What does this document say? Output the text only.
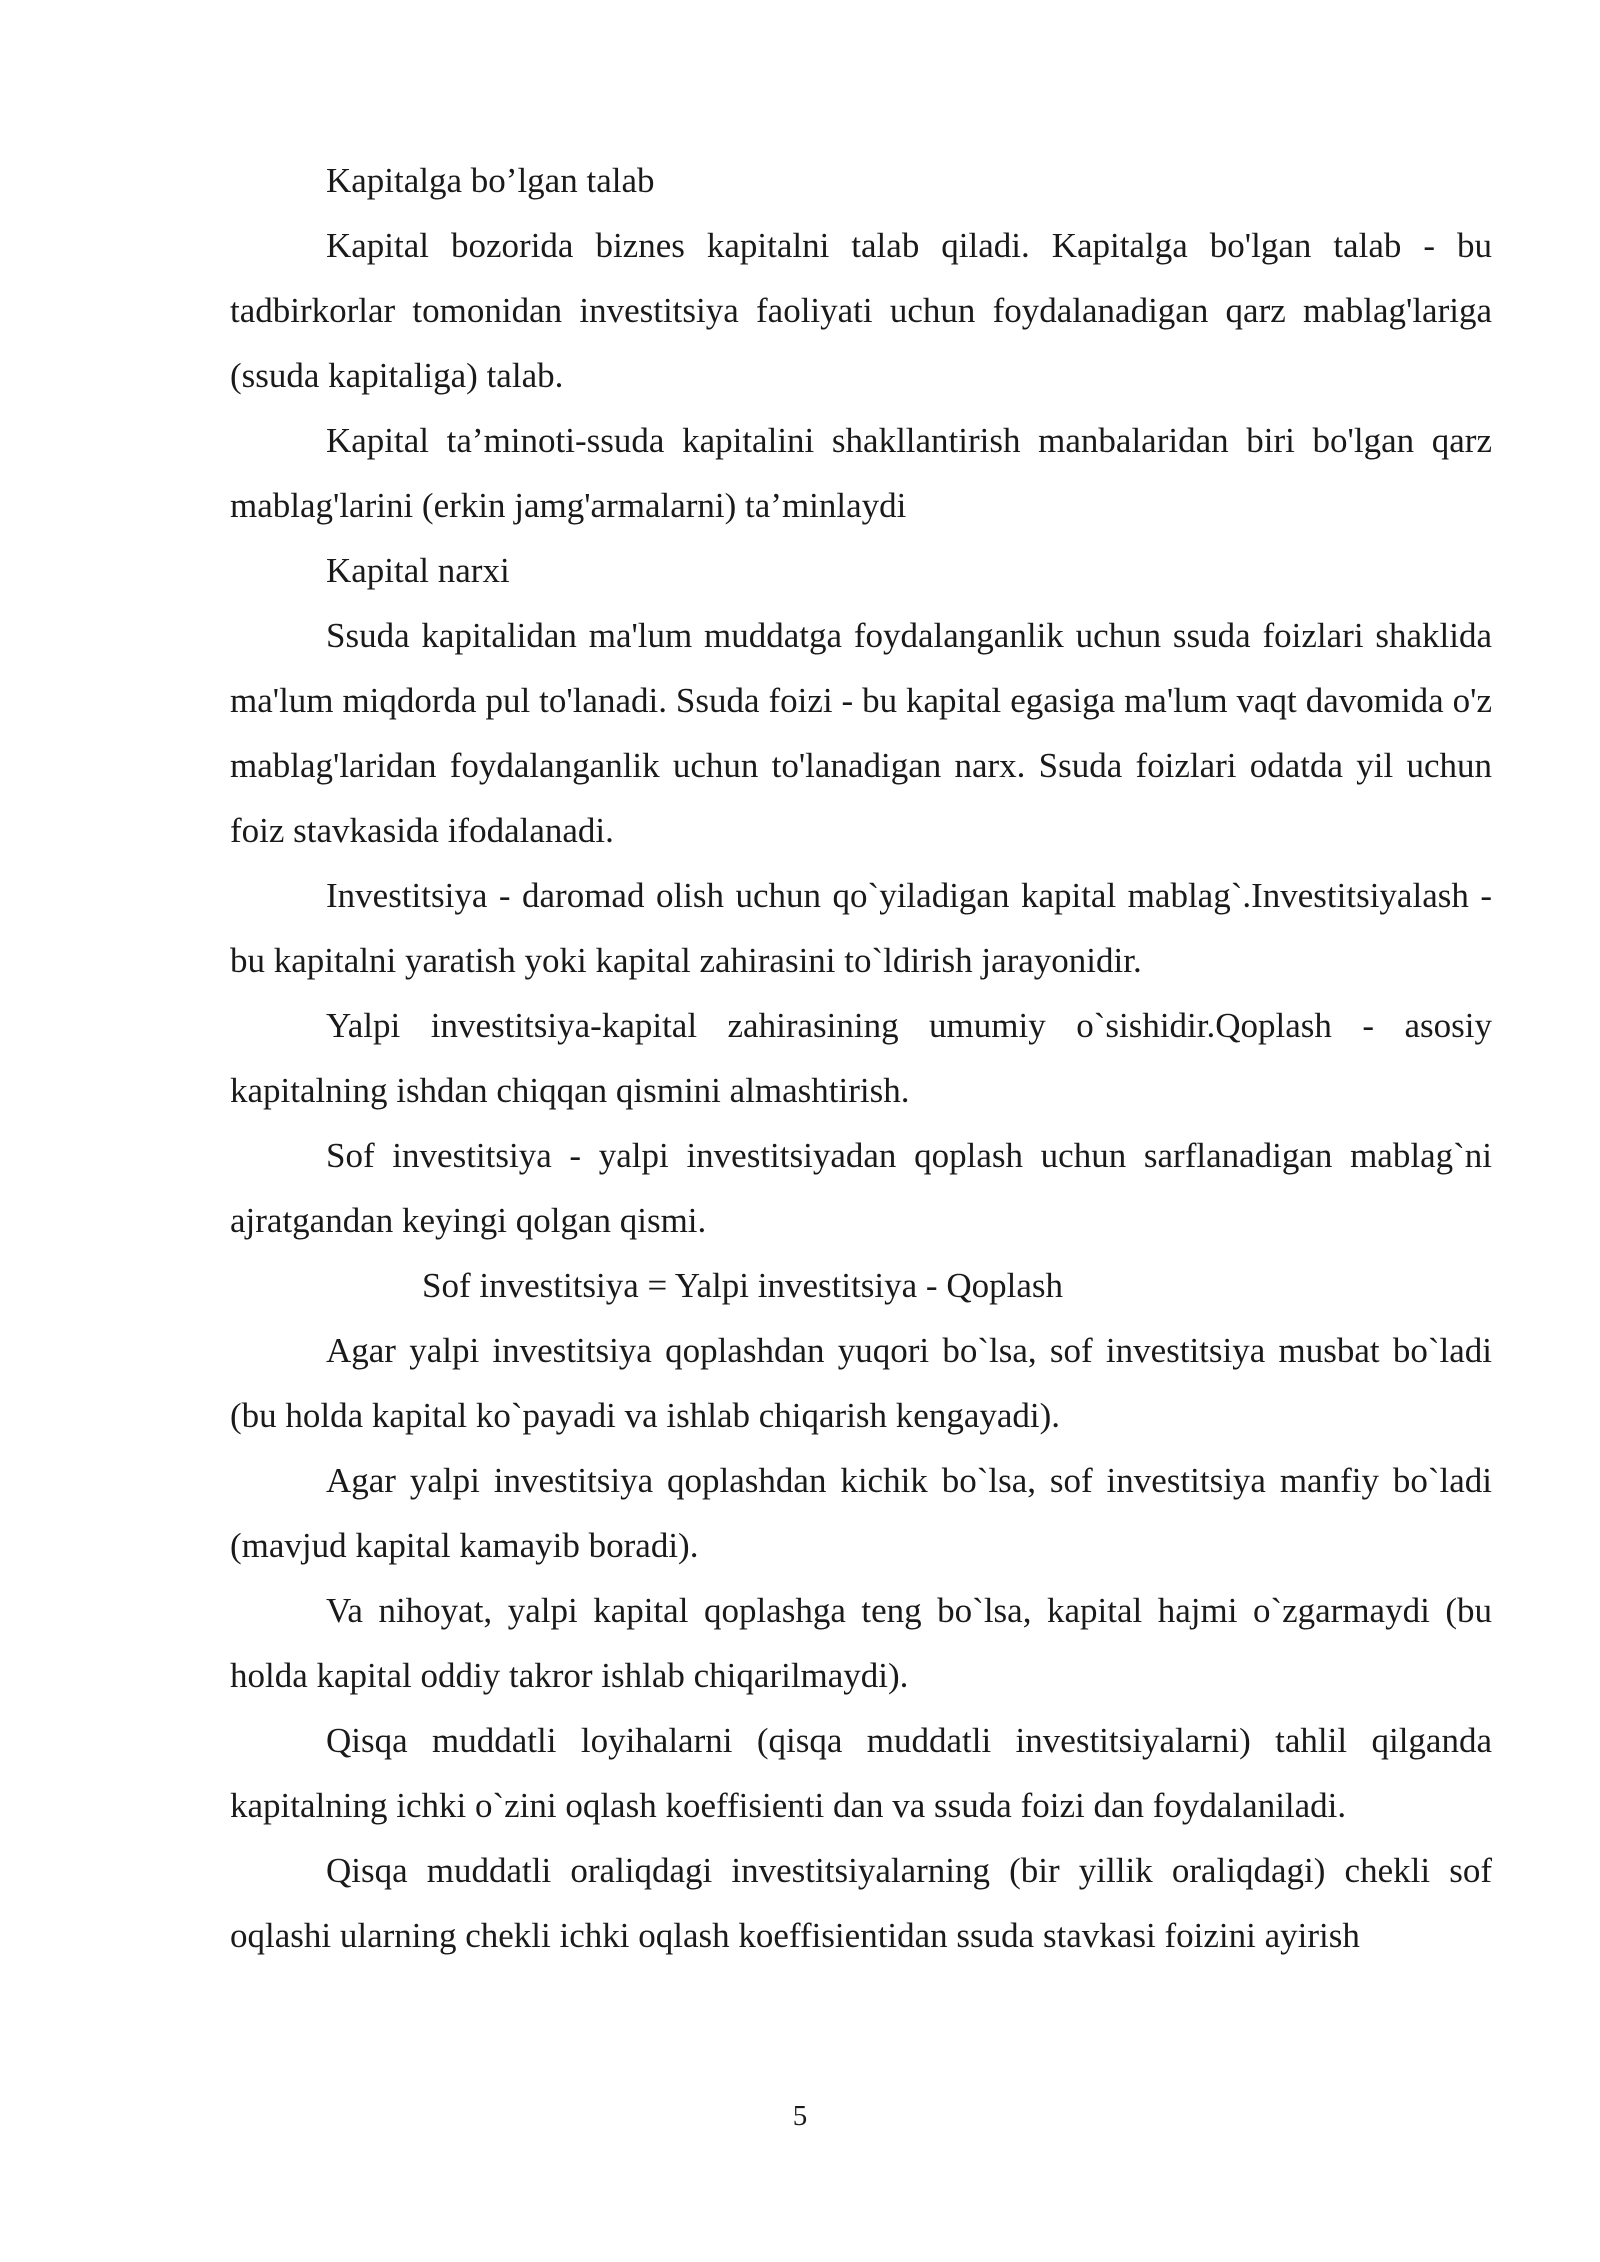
Kapitalga bo’lgan talab

Kapital bozorida biznes kapitalni talab qiladi. Kapitalga bo'lgan talab - bu tadbirkorlar tomonidan investitsiya faoliyati uchun foydalanadigan qarz mablag'lariga (ssuda kapitaliga) talab.

Kapital ta’minoti-ssuda kapitalini shakllantirish manbalaridan biri bo'lgan qarz mablag'larini (erkin jamg'armalarni) ta’minlaydi

Kapital narxi

Ssuda kapitalidan ma'lum muddatga foydalanganlik uchun ssuda foizlari shaklida ma'lum miqdorda pul to'lanadi. Ssuda foizi - bu kapital egasiga ma'lum vaqt davomida o'z mablag'laridan foydalanganlik uchun to'lanadigan narx. Ssuda foizlari odatda yil uchun foiz stavkasida ifodalanadi.

Investitsiya - daromad olish uchun qo`yiladigan kapital mablag`.Investitsiyalash - bu kapitalni yaratish yoki kapital zahirasini to`ldirish jarayonidir.

Yalpi investitsiya-kapital zahirasining umumiy o`sishidir.Qoplash - asosiy kapitalning ishdan chiqqan qismini almashtirish.

Sof investitsiya - yalpi investitsiyadan qoplash uchun sarflanadigan mablag`ni ajratgandan keyingi qolgan qismi.

Sof investitsiya = Yalpi investitsiya - Qoplash

Agar yalpi investitsiya qoplashdan yuqori bo`lsa, sof investitsiya musbat bo`ladi (bu holda kapital ko`payadi va ishlab chiqarish kengayadi).

Agar yalpi investitsiya qoplashdan kichik bo`lsa, sof investitsiya manfiy bo`ladi (mavjud kapital kamayib boradi).

Va nihoyat, yalpi kapital qoplashga teng bo`lsa, kapital hajmi o`zgarmaydi (bu holda kapital oddiy takror ishlab chiqarilmaydi).

Qisqa muddatli loyihalarni (qisqa muddatli investitsiyalarni) tahlil qilganda kapitalning ichki o`zini oqlash koeffisienti dan va ssuda foizi dan foydalaniladi.

Qisqa muddatli oraliqdagi investitsiyalarning (bir yillik oraliqdagi) chekli sof oqlashi ularning chekli ichki oqlash koeffisientidan ssuda stavkasi foizini ayirish

5
